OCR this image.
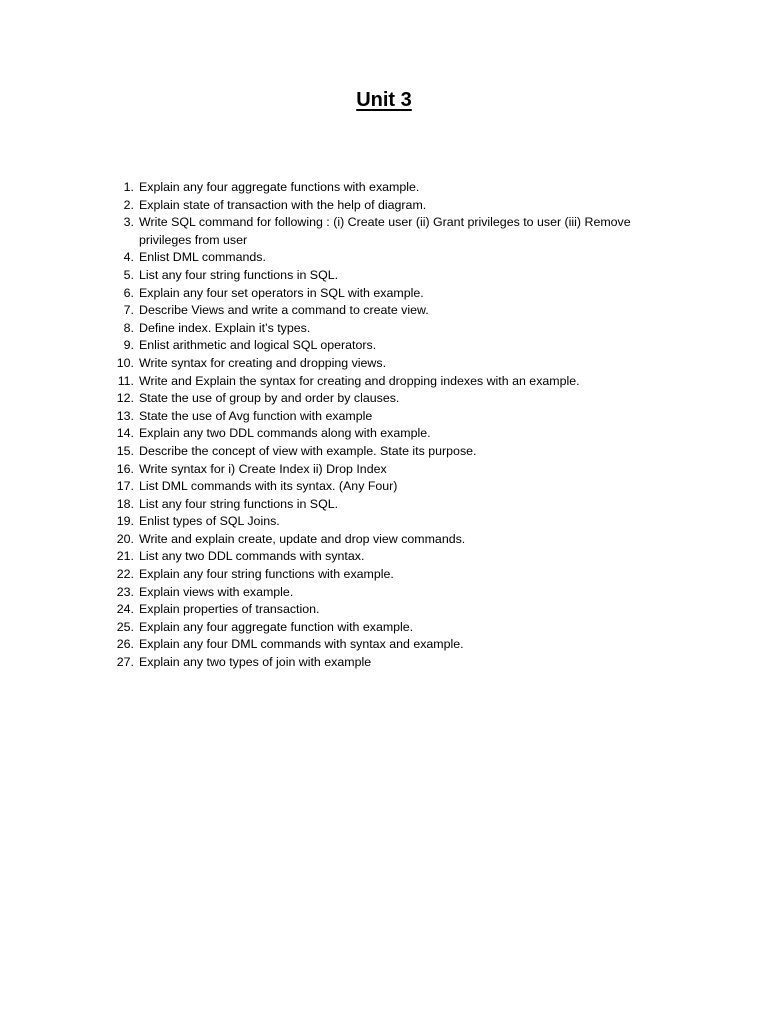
Unit 3
1. Explain any four aggregate functions with example.
2. Explain state of transaction with the help of diagram.
3. Write SQL command for following : (i) Create user (ii) Grant privileges to user (iii) Remove privileges from user
4. Enlist DML commands.
5. List any four string functions in SQL.
6. Explain any four set operators in SQL with example.
7. Describe Views and write a command to create view.
8. Define index. Explain it’s types.
9. Enlist arithmetic and logical SQL operators.
10. Write syntax for creating and dropping views.
11. Write and Explain the syntax for creating and dropping indexes with an example.
12. State the use of group by and order by clauses.
13. State the use of Avg function with example
14. Explain any two DDL commands along with example.
15. Describe the concept of view with example. State its purpose.
16. Write syntax for i) Create Index ii) Drop Index
17. List DML commands with its syntax. (Any Four)
18. List any four string functions in SQL.
19. Enlist types of SQL Joins.
20. Write and explain create, update and drop view commands.
21. List any two DDL commands with syntax.
22. Explain any four string functions with example.
23. Explain views with example.
24. Explain properties of transaction.
25. Explain any four aggregate function with example.
26. Explain any four DML commands with syntax and example.
27. Explain any two types of join with example
